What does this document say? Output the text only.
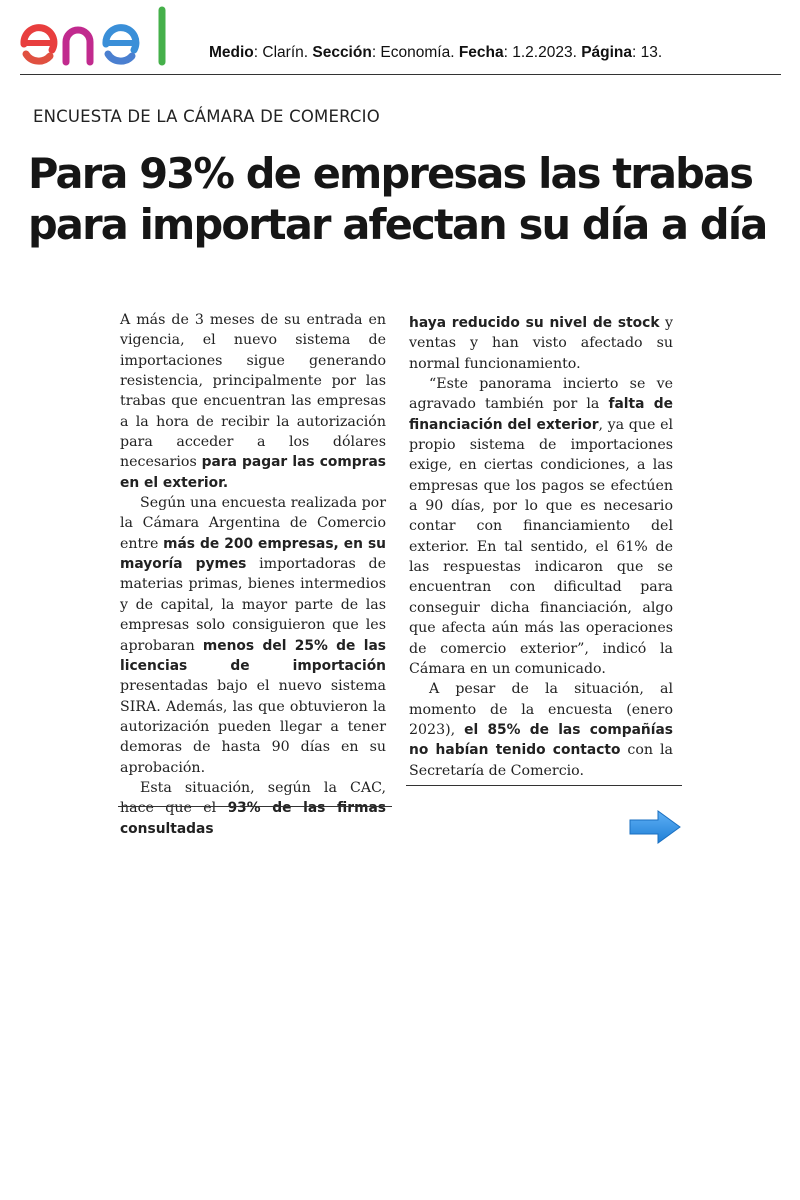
Medio: Clarín. Sección: Economía. Fecha: 1.2.2023. Página: 13.
ENCUESTA DE LA CÁMARA DE COMERCIO
Para 93% de empresas las trabas
para importar afectan su día a día

A más de 3 meses de su entrada en vigencia, el nuevo sistema de importaciones sigue generando resistencia, principalmente por las trabas que encuentran las empresas a la hora de recibir la autorización para acceder a los dólares necesarios para pagar las compras en el exterior.

Según una encuesta realizada por la Cámara Argentina de Comercio entre más de 200 empresas, en su mayoría pymes importadoras de materias primas, bienes intermedios y de capital, la mayor parte de las empresas solo consiguieron que les aprobaran menos del 25% de las licencias de importación presentadas bajo el nuevo sistema SIRA. Además, las que obtuvieron la autorización pueden llegar a tener demoras de hasta 90 días en su aprobación.

Esta situación, según la CAC, hace que el 93% de las firmas consultadas

haya reducido su nivel de stock y ventas y han visto afectado su normal funcionamiento.

“Este panorama incierto se ve agravado también por la falta de financiación del exterior, ya que el propio sistema de importaciones exige, en ciertas condiciones, a las empresas que los pagos se efectúen a 90 días, por lo que es necesario contar con financiamiento del exterior. En tal sentido, el 61% de las respuestas indicaron que se encuentran con dificultad para conseguir dicha financiación, algo que afecta aún más las operaciones de comercio exterior”, indicó la Cámara en un comunicado.

A pesar de la situación, al momento de la encuesta (enero 2023), el 85% de las compañías no habían tenido contacto con la Secretaría de Comercio.
